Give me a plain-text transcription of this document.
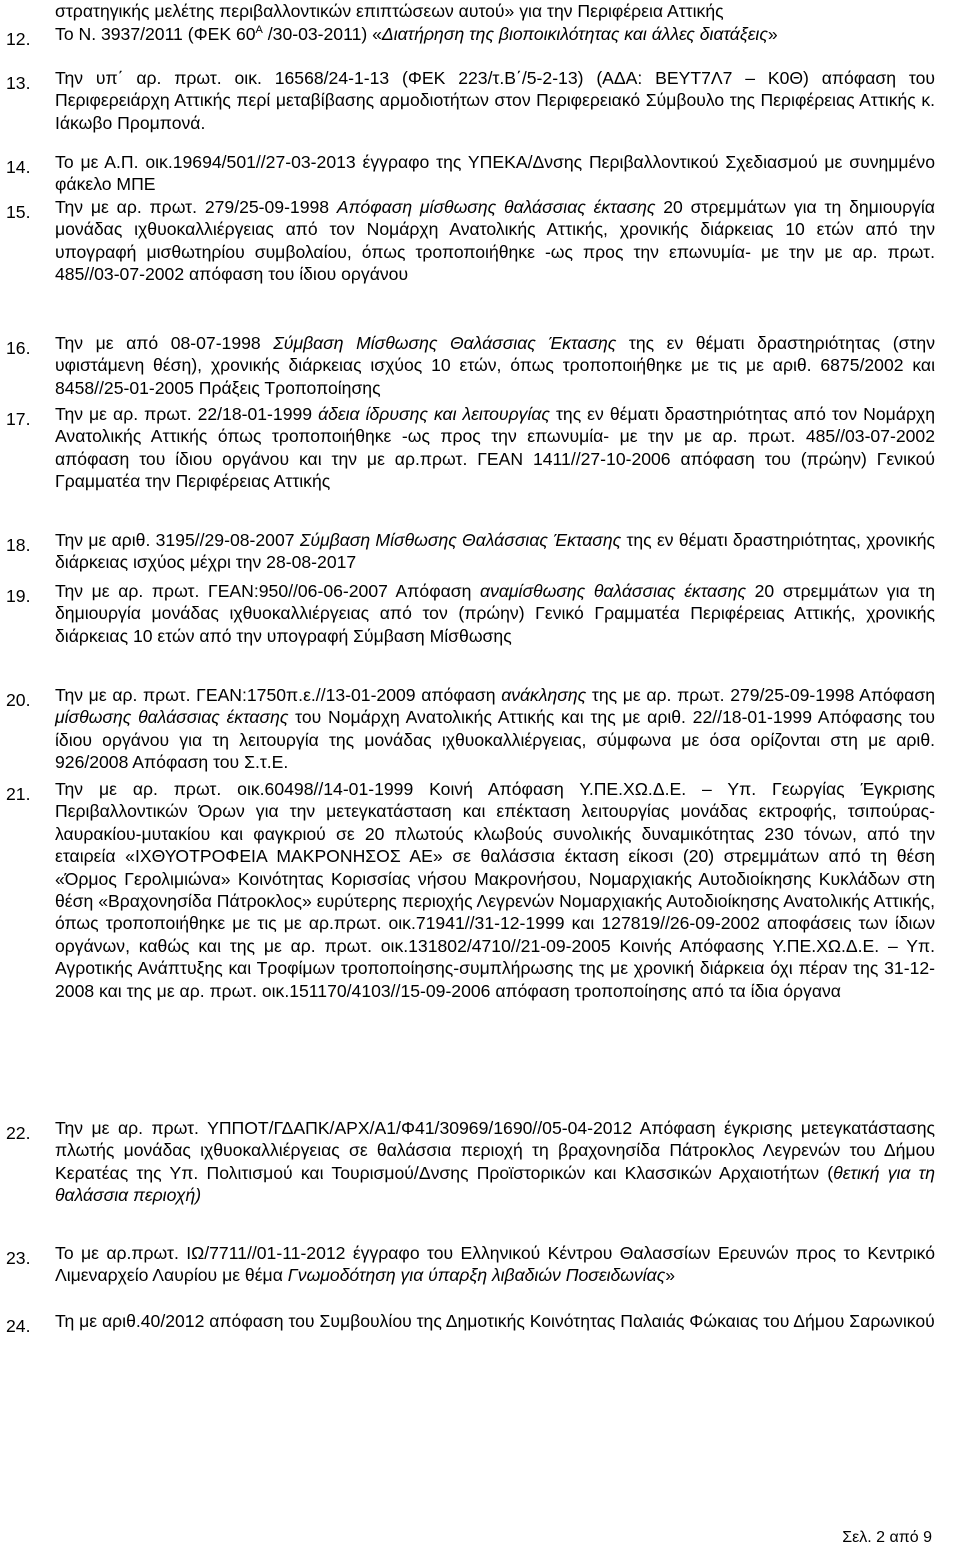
στρατηγικής μελέτης περιβαλλοντικών επιπτώσεων αυτού» για την Περιφέρεια Αττικής
12. Το Ν. 3937/2011 (ΦΕΚ $60^A$ /30-03-2011) «Διατήρηση της βιοποικιλότητας και άλλες διατάξεις»
13. Την υπ΄ αρ. πρωτ. οικ. 16568/24-1-13 (ΦΕΚ 223/τ.Β΄/5-2-13) (ΑΔΑ: ΒΕΥΤ7Λ7 – Κ0Θ) απόφαση του Περιφερειάρχη Αττικής περί μεταβίβασης αρμοδιοτήτων στον Περιφερειακό Σύμβουλο της Περιφέρειας Αττικής κ. Ιάκωβο Προμπονά.
14. Το με Α.Π. οικ.19694/501//27-03-2013 έγγραφο της ΥΠΕΚΑ/Δνσης Περιβαλλοντικού Σχεδιασμού με συνημμένο φάκελο ΜΠΕ
15. Την με αρ. πρωτ. 279/25-09-1998 Απόφαση μίσθωσης θαλάσσιας έκτασης 20 στρεμμάτων για τη δημιουργία μονάδας ιχθυοκαλλιέργειας από τον Νομάρχη Ανατολικής Αττικής, χρονικής διάρκειας 10 ετών από την υπογραφή μισθωτηρίου συμβολαίου, όπως τροποποιήθηκε -ως προς την επωνυμία- με την με αρ. πρωτ. 485//03-07-2002 απόφαση του ίδιου οργάνου
16. Την με από 08-07-1998 Σύμβαση Μίσθωσης Θαλάσσιας Έκτασης της εν θέματι δραστηριότητας (στην υφιστάμενη θέση), χρονικής διάρκειας ισχύος 10 ετών, όπως τροποποιήθηκε με τις με αριθ. 6875/2002 και 8458//25-01-2005 Πράξεις Τροποποίησης
17. Την με αρ. πρωτ. 22/18-01-1999 άδεια ίδρυσης και λειτουργίας της εν θέματι δραστηριότητας από τον Νομάρχη Ανατολικής Αττικής όπως τροποποιήθηκε -ως προς την επωνυμία- με την με αρ. πρωτ. 485//03-07-2002 απόφαση του ίδιου οργάνου και την με αρ.πρωτ. ΓΕΑΝ 1411//27-10-2006 απόφαση του (πρώην) Γενικού Γραμματέα την Περιφέρειας Αττικής
18. Την με αριθ. 3195//29-08-2007 Σύμβαση Μίσθωσης Θαλάσσιας Έκτασης της εν θέματι δραστηριότητας, χρονικής διάρκειας ισχύος μέχρι την 28-08-2017
19. Την με αρ. πρωτ. ΓΕΑΝ:950//06-06-2007 Απόφαση αναμίσθωσης θαλάσσιας έκτασης 20 στρεμμάτων για τη δημιουργία μονάδας ιχθυοκαλλιέργειας από τον (πρώην) Γενικό Γραμματέα Περιφέρειας Αττικής, χρονικής διάρκειας 10 ετών από την υπογραφή Σύμβαση Μίσθωσης
20. Την με αρ. πρωτ. ΓΕΑΝ:1750π.ε.//13-01-2009 απόφαση ανάκλησης της με αρ. πρωτ. 279/25-09-1998 Απόφαση μίσθωσης θαλάσσιας έκτασης του Νομάρχη Ανατολικής Αττικής και της με αριθ. 22//18-01-1999 Απόφασης του ίδιου οργάνου για τη λειτουργία της μονάδας ιχθυοκαλλιέργειας, σύμφωνα με όσα ορίζονται στη με αριθ. 926/2008 Απόφαση του Σ.τ.Ε.
21. Την με αρ. πρωτ. οικ.60498//14-01-1999 Κοινή Απόφαση Υ.ΠΕ.ΧΩ.Δ.Ε. – Υπ. Γεωργίας Έγκρισης Περιβαλλοντικών Όρων για την μετεγκατάσταση και επέκταση λειτουργίας μονάδας εκτροφής, τσιπούρας-λαυρακίου-μυτακίου και φαγκριού σε 20 πλωτούς κλωβούς συνολικής δυναμικότητας 230 τόνων, από την εταιρεία «ΙΧΘΥΟΤΡΟΦΕΙΑ ΜΑΚΡΟΝΗΣΟΣ ΑΕ» σε θαλάσσια έκταση είκοσι (20) στρεμμάτων από τη θέση «Όρμος Γερολιμιώνα» Κοινότητας Κορισσίας νήσου Μακρονήσου, Νομαρχιακής Αυτοδιοίκησης Κυκλάδων στη θέση «Βραχονησίδα Πάτροκλος» ευρύτερης περιοχής Λεγρενών Νομαρχιακής Αυτοδιοίκησης Ανατολικής Αττικής, όπως τροποποιήθηκε με τις με αρ.πρωτ. οικ.71941//31-12-1999 και 127819//26-09-2002 αποφάσεις των ίδιων οργάνων, καθώς και της με αρ. πρωτ. οικ.131802/4710//21-09-2005 Κοινής Απόφασης Υ.ΠΕ.ΧΩ.Δ.Ε. – Υπ. Αγροτικής Ανάπτυξης και Τροφίμων τροποποίησης-συμπλήρωσης της με χρονική διάρκεια όχι πέραν της 31-12-2008 και της με αρ. πρωτ. οικ.151170/4103//15-09-2006 απόφαση τροποποίησης από τα ίδια όργανα
22. Την με αρ. πρωτ. ΥΠΠΟΤ/ΓΔΑΠΚ/ΑΡΧ/Α1/Φ41/30969/1690//05-04-2012 Απόφαση έγκρισης μετεγκατάστασης πλωτής μονάδας ιχθυοκαλλιέργειας σε θαλάσσια περιοχή τη βραχονησίδα Πάτροκλος Λεγρενών του Δήμου Κερατέας της Υπ. Πολιτισμού και Τουρισμού/Δνσης Προϊστορικών και Κλασσικών Αρχαιοτήτων (θετική για τη θαλάσσια περιοχή)
23. Το με αρ.πρωτ. ΙΩ/7711//01-11-2012 έγγραφο του Ελληνικού Κέντρου Θαλασσίων Ερευνών προς το Κεντρικό Λιμεναρχείο Λαυρίου με θέμα Γνωμοδότηση για ύπαρξη λιβαδιών Ποσειδωνίας»
24. Τη με αριθ.40/2012 απόφαση του Συμβουλίου της Δημοτικής Κοινότητας Παλαιάς Φώκαιας του Δήμου Σαρωνικού
Σελ. 2 από 9
